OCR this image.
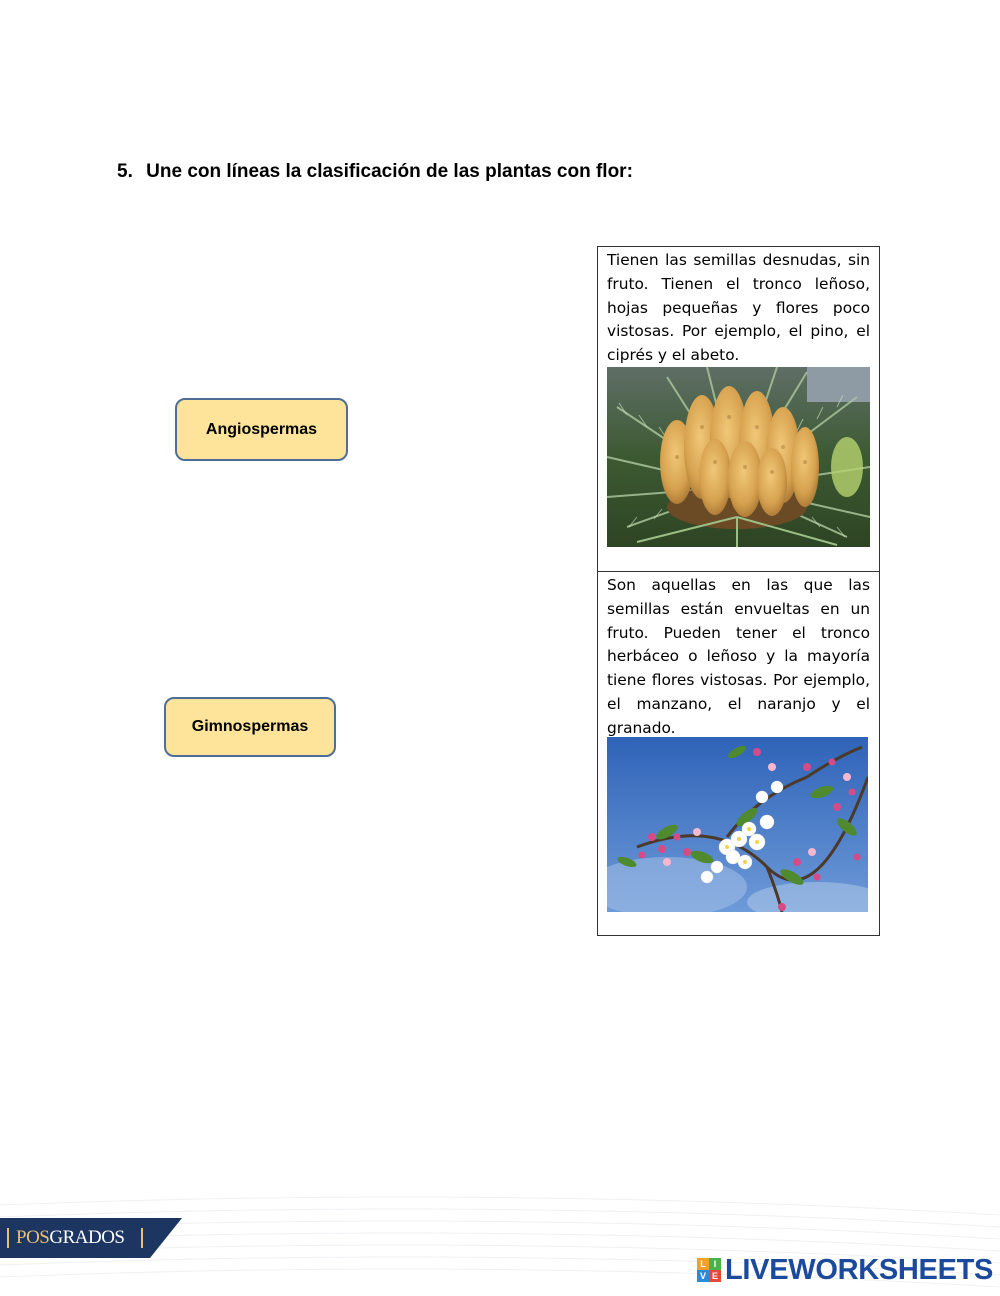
5. Une con líneas la clasificación de las plantas con flor:
Angiospermas
Gimnospermas
Tienen las semillas desnudas, sin fruto. Tienen el tronco leñoso, hojas pequeñas y flores poco vistosas. Por ejemplo, el pino, el ciprés y el abeto.
Son aquellas en las que las semillas están envueltas en un fruto. Pueden tener el tronco herbáceo o leñoso y la mayoría tiene flores vistosas. Por ejemplo, el manzano, el naranjo y el granado.
POSGRADOS
L I
V E LIVEWORKSHEETS
